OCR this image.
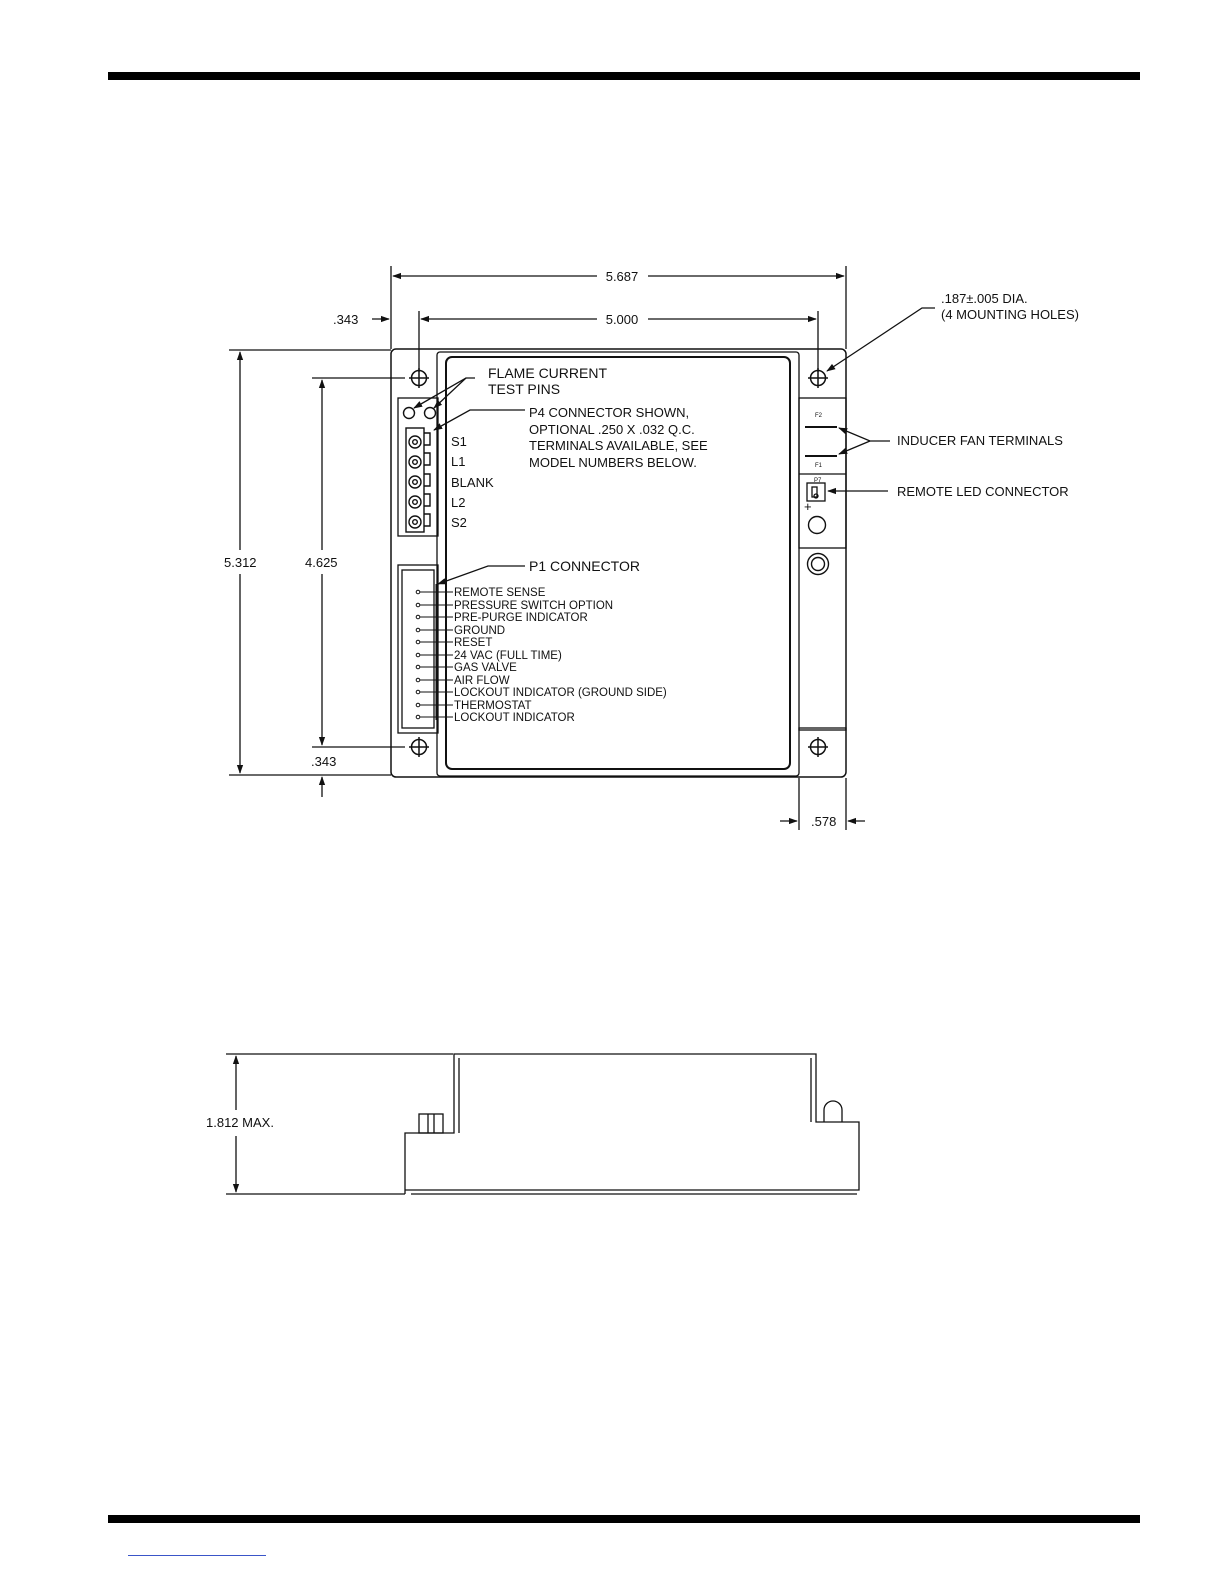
5.687
5.000
.343
5.312	4.625
.343
.578
.187±.005 DIA.
(4 MOUNTING HOLES)
FLAME CURRENT
TEST PINS
P4 CONNECTOR SHOWN,
OPTIONAL .250 X .032 Q.C.
TERMINALS AVAILABLE, SEE
MODEL NUMBERS BELOW.
P1 CONNECTOR
INDUCER FAN TERMINALS
REMOTE LED CONNECTOR
S1
L1
BLANK
L2
S2
REMOTE SENSE
PRESSURE SWITCH OPTION
PRE-PURGE INDICATOR
GROUND
RESET
24 VAC (FULL TIME)
GAS VALVE
AIR FLOW
LOCKOUT INDICATOR (GROUND SIDE)
THERMOSTAT
LOCKOUT INDICATOR
F2
F1
P7
+
1.812 MAX.
